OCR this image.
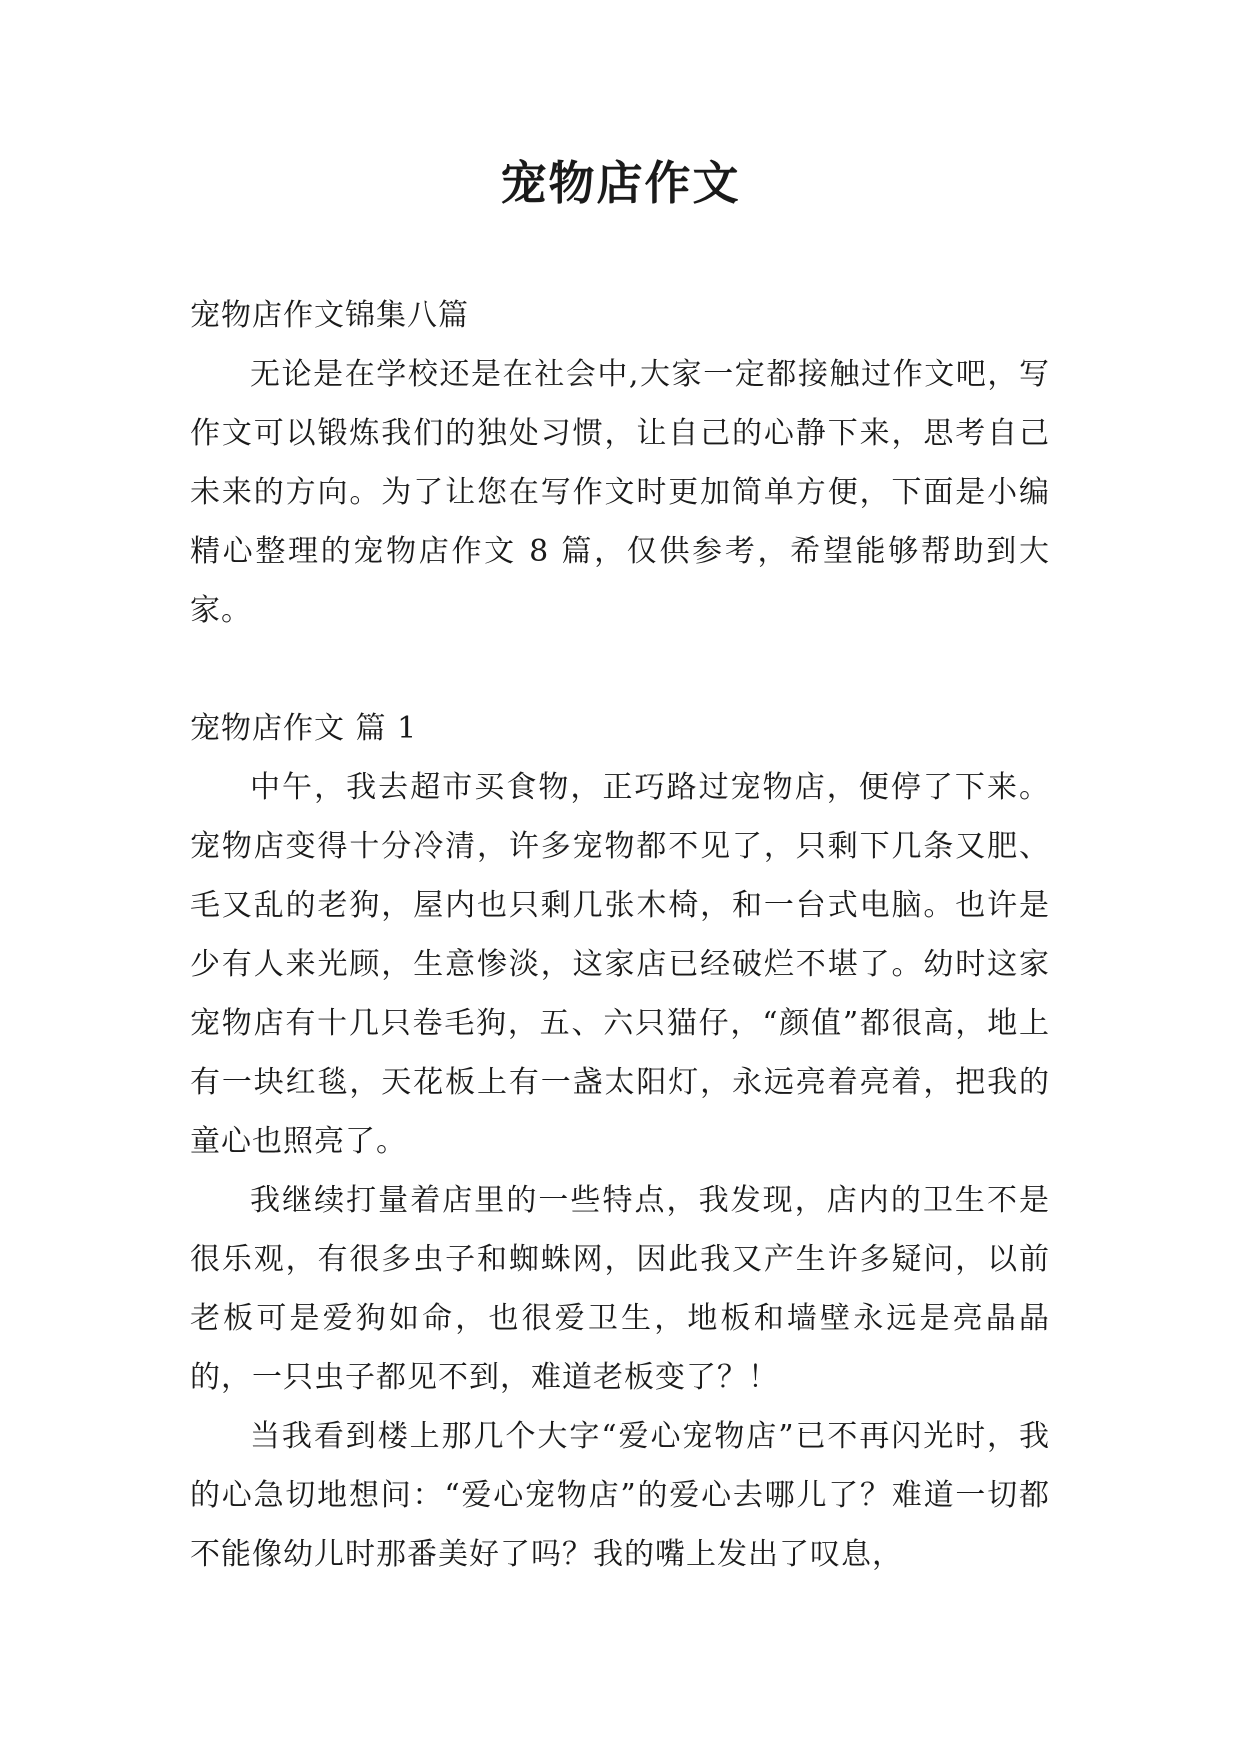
宠物店作文

宠物店作文锦集八篇

无论是在学校还是在社会中,大家一定都接触过作文吧，写作文可以锻炼我们的独处习惯，让自己的心静下来，思考自己未来的方向。为了让您在写作文时更加简单方便，下面是小编精心整理的宠物店作文 8 篇，仅供参考，希望能够帮助到大家。

宠物店作文 篇 1

中午，我去超市买食物，正巧路过宠物店，便停了下来。宠物店变得十分冷清，许多宠物都不见了，只剩下几条又肥、毛又乱的老狗，屋内也只剩几张木椅，和一台式电脑。也许是少有人来光顾，生意惨淡，这家店已经破烂不堪了。幼时这家宠物店有十几只卷毛狗，五、六只猫仔，“颜值”都很高，地上有一块红毯，天花板上有一盏太阳灯，永远亮着亮着，把我的童心也照亮了。

我继续打量着店里的一些特点，我发现，店内的卫生不是很乐观，有很多虫子和蜘蛛网，因此我又产生许多疑问，以前老板可是爱狗如命，也很爱卫生，地板和墙壁永远是亮晶晶的，一只虫子都见不到，难道老板变了？！

当我看到楼上那几个大字“爱心宠物店”已不再闪光时，我的心急切地想问：“爱心宠物店”的爱心去哪儿了？难道一切都不能像幼儿时那番美好了吗？我的嘴上发出了叹息，
